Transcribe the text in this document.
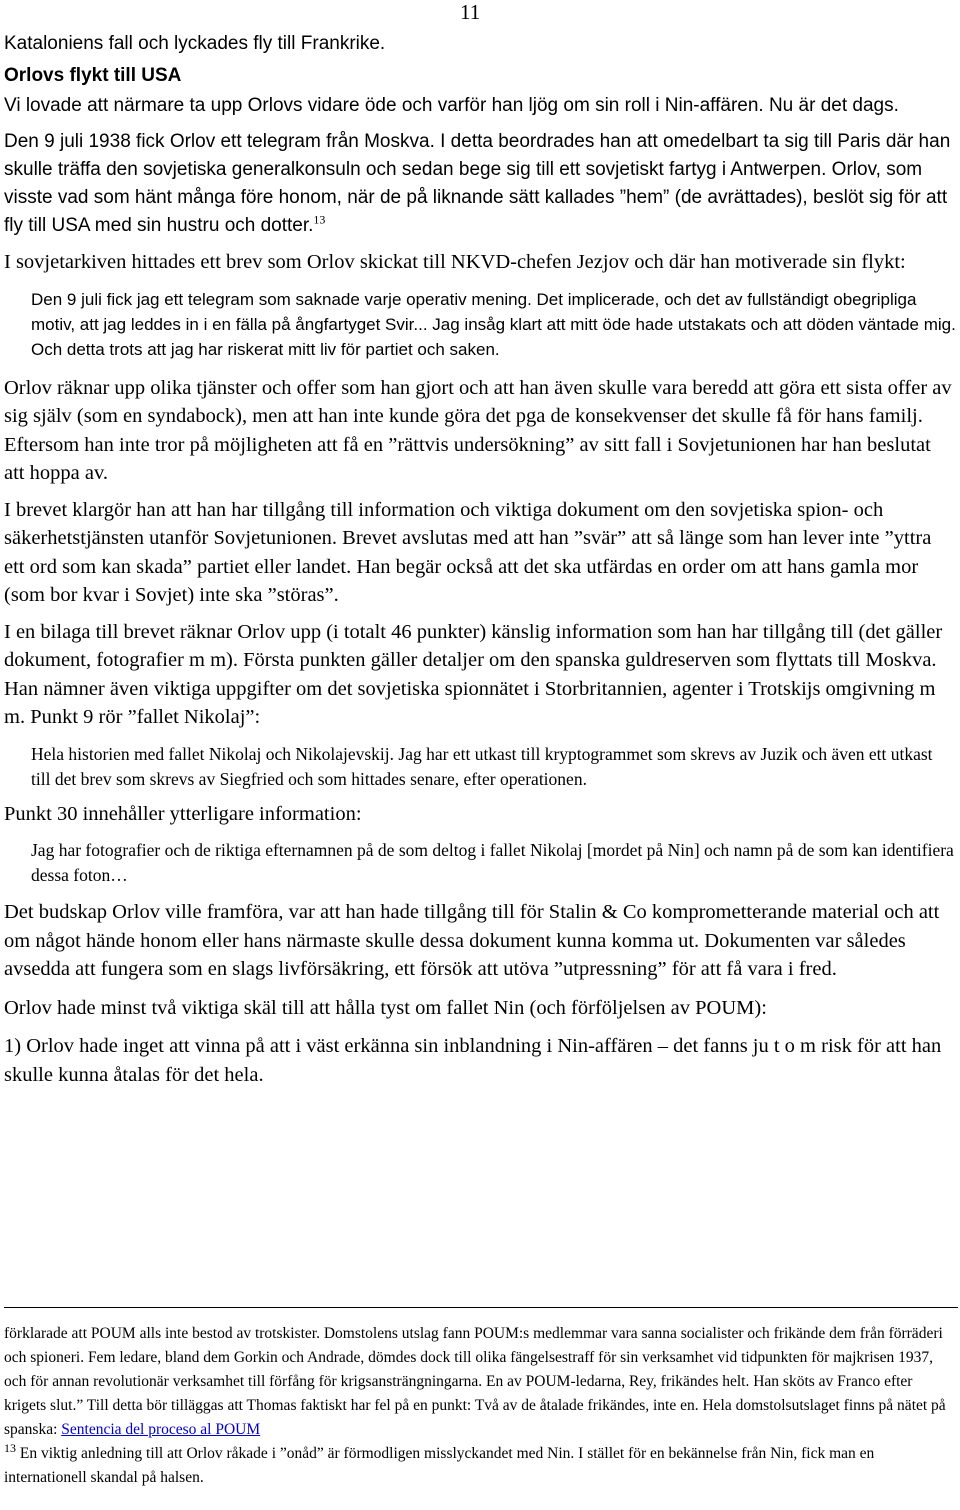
11

Kataloniens fall och lyckades fly till Frankrike.

Orlovs flykt till USA

Vi lovade att närmare ta upp Orlovs vidare öde och varför han ljög om sin roll i Nin-affären. Nu är det dags.

Den 9 juli 1938 fick Orlov ett telegram från Moskva. I detta beordrades han att omedelbart ta sig till Paris där han skulle träffa den sovjetiska generalkonsuln och sedan bege sig till ett sovjetiskt fartyg i Antwerpen. Orlov, som visste vad som hänt många före honom, när de på liknande sätt kallades ”hem” (de avrättades), beslöt sig för att fly till USA med sin hustru och dotter.$^{13}$

I sovjetarkiven hittades ett brev som Orlov skickat till NKVD-chefen Jezjov och där han motiverade sin flykt:

Den 9 juli fick jag ett telegram som saknade varje operativ mening. Det implicerade, och det av fullständigt obegripliga motiv, att jag leddes in i en fälla på ångfartyget Svir... Jag insåg klart att mitt öde hade utstakats och att döden väntade mig. Och detta trots att jag har riskerat mitt liv för partiet och saken.

Orlov räknar upp olika tjänster och offer som han gjort och att han även skulle vara beredd att göra ett sista offer av sig själv (som en syndabock), men att han inte kunde göra det pga de konsekvenser det skulle få för hans familj. Eftersom han inte tror på möjligheten att få en ”rättvis undersökning” av sitt fall i Sovjetunionen har han beslutat att hoppa av.

I brevet klargör han att han har tillgång till information och viktiga dokument om den sovjetiska spion- och säkerhetstjänsten utanför Sovjetunionen. Brevet avslutas med att han ”svär” att så länge som han lever inte ”yttra ett ord som kan skada” partiet eller landet. Han begär också att det ska utfärdas en order om att hans gamla mor (som bor kvar i Sovjet) inte ska ”störas”.

I en bilaga till brevet räknar Orlov upp (i totalt 46 punkter) känslig information som han har tillgång till (det gäller dokument, fotografier m m). Första punkten gäller detaljer om den spanska guldreserven som flyttats till Moskva. Han nämner även viktiga uppgifter om det sovjetiska spionnätet i Storbritannien, agenter i Trotskijs omgivning m m. Punkt 9 rör ”fallet Nikolaj”:

Hela historien med fallet Nikolaj och Nikolajevskij. Jag har ett utkast till kryptogrammet som skrevs av Juzik och även ett utkast till det brev som skrevs av Siegfried och som hittades senare, efter operationen.

Punkt 30 innehåller ytterligare information:

Jag har fotografier och de riktiga efternamnen på de som deltog i fallet Nikolaj [mordet på Nin] och namn på de som kan identifiera dessa foton…

Det budskap Orlov ville framföra, var att han hade tillgång till för Stalin & Co komprometterande material och att om något hände honom eller hans närmaste skulle dessa dokument kunna komma ut. Dokumenten var således avsedda att fungera som en slags livförsäkring, ett försök att utöva ”utpressning” för att få vara i fred.

Orlov hade minst två viktiga skäl till att hålla tyst om fallet Nin (och förföljelsen av POUM):

1) Orlov hade inget att vinna på att i väst erkänna sin inblandning i Nin-affären – det fanns ju t o m risk för att han skulle kunna åtalas för det hela.

förklarade att POUM alls inte bestod av trotskister. Domstolens utslag fann POUM:s medlemmar vara sanna socialister och frikände dem från förräderi och spioneri. Fem ledare, bland dem Gorkin och Andrade, dömdes dock till olika fängelsestraff för sin verksamhet vid tidpunkten för majkrisen 1937, och för annan revolutionär verksamhet till förfång för krigsansträngningarna. En av POUM-ledarna, Rey, frikändes helt. Han sköts av Franco efter krigets slut.” Till detta bör tilläggas att Thomas faktiskt har fel på en punkt: Två av de åtalade frikändes, inte en. Hela domstolsutslaget finns på nätet på spanska: Sentencia del proceso al POUM

$^{13}$ En viktig anledning till att Orlov råkade i ”onåd” är förmodligen misslyckandet med Nin. I stället för en bekännelse från Nin, fick man en internationell skandal på halsen.
